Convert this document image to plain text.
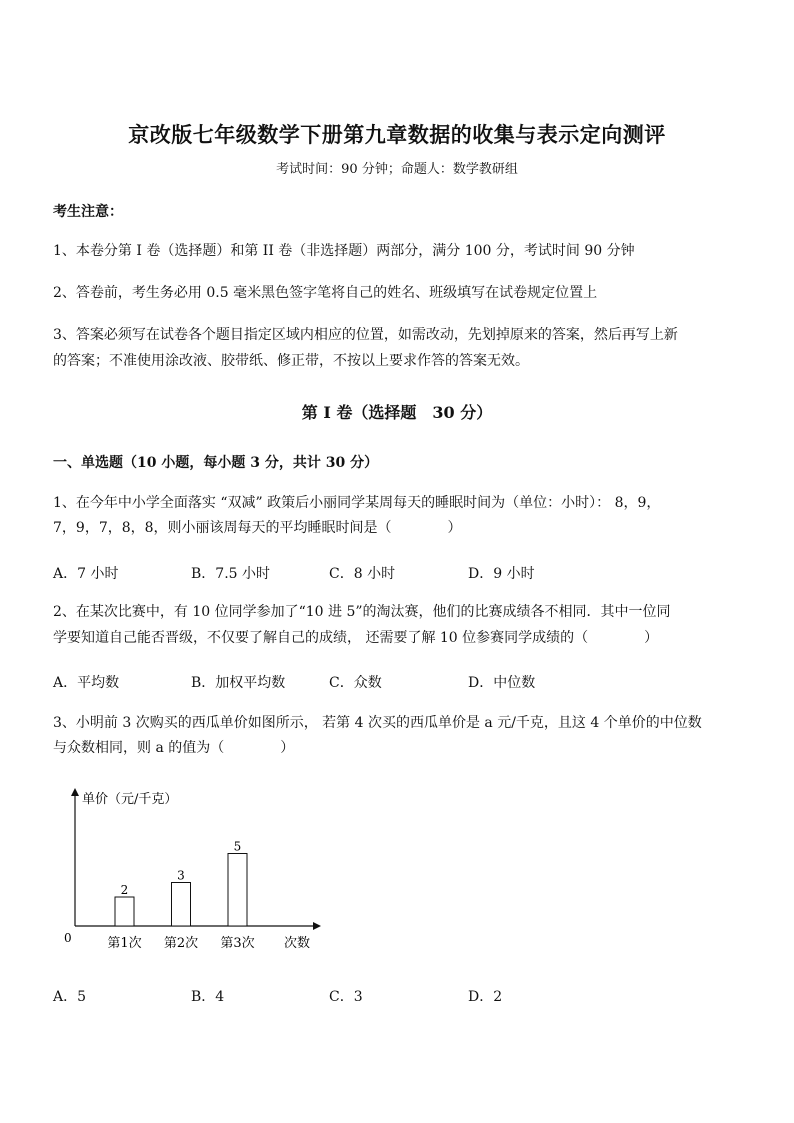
京改版七年级数学下册第九章数据的收集与表示定向测评
考试时间：90 分钟；命题人：数学教研组
考生注意：
1、本卷分第 I 卷（选择题）和第 II 卷（非选择题）两部分，满分 100 分，考试时间 90 分钟
2、答卷前，考生务必用 0.5 毫米黑色签字笔将自己的姓名、班级填写在试卷规定位置上
3、答案必须写在试卷各个题目指定区域内相应的位置，如需改动，先划掉原来的答案，然后再写上新
的答案；不准使用涂改液、胶带纸、修正带，不按以上要求作答的答案无效。
第 I 卷（选择题　30 分）
一、单选题（10 小题，每小题 3 分，共计 30 分）
1、在今年中小学全面落实 “双减” 政策后小丽同学某周每天的睡眠时间为（单位：小时）： 8，9，
7，9，7，8，8，则小丽该周每天的平均睡眠时间是（　　　　）
A．7 小时	B．7.5 小时	C．8 小时	D．9 小时
2、在某次比赛中，有 10 位同学参加了“10 进 5”的淘汰赛，他们的比赛成绩各不相同．其中一位同
学要知道自己能否晋级，不仅要了解自己的成绩， 还需要了解 10 位参赛同学成绩的（　　　　）
A．平均数	B．加权平均数	C．众数	D．中位数
3、小明前 3 次购买的西瓜单价如图所示， 若第 4 次买的西瓜单价是 a 元/千克，且这 4 个单价的中位数
与众数相同，则 a 的值为（　　　　）
单价（元/千克）
次数
0
2
第1次
3
第2次
5
第3次
A．5	B．4	C．3	D．2
